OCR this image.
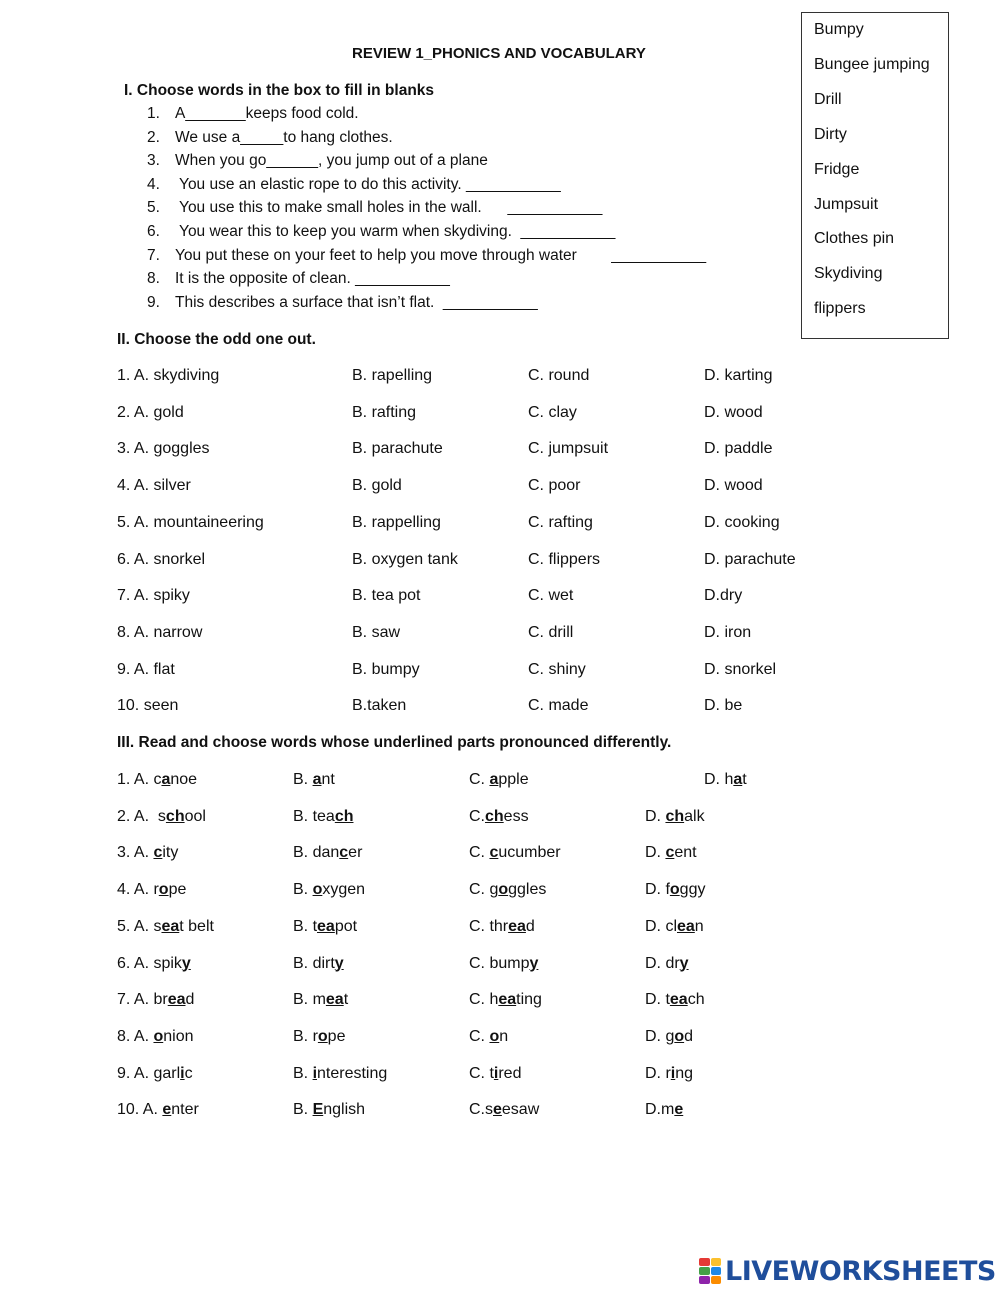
REVIEW 1_PHONICS AND VOCABULARY
Bumpy
Bungee jumping
Drill
Dirty
Fridge
Jumpsuit
Clothes pin
Skydiving
flippers
I. Choose words in the box to fill in blanks
1. A_______keeps food cold.
2. We use a_____to hang clothes.
3. When you go______, you jump out of a plane
4. You use an elastic rope to do this activity. ___________
5. You use this to make small holes in the wall.      ___________
6. You wear this to keep you warm when skydiving.  ___________
7. You put these on your feet to help you move through water        ___________
8. It is the opposite of clean. ___________
9. This describes a surface that isn’t flat.  ___________
II. Choose the odd one out.
1. A. skydiving	B. rapelling	C. round	D. karting
2. A. gold	B. rafting	C. clay	D. wood
3. A. goggles	B. parachute	C. jumpsuit	D. paddle
4. A. silver	B. gold	C. poor	D. wood
5. A. mountaineering	B. rappelling	C. rafting	D. cooking
6. A. snorkel	B. oxygen tank	C. flippers	D. parachute
7. A. spiky	B. tea pot	C. wet	D.dry
8. A. narrow	B. saw	C. drill	D. iron
9. A. flat	B. bumpy	C. shiny	D. snorkel
10. seen	B.taken	C. made	D. be
III. Read and choose words whose underlined parts pronounced differently.
1. A. canoe	B. ant	C. apple	D. hat
2. A.  school	B. teach	C.chess	D. chalk
3. A. city	B. dancer	C. cucumber	D. cent
4. A. rope	B. oxygen	C. goggles	D. foggy
5. A. seat belt	B. teapot	C. thread	D. clean
6. A. spiky	B. dirty	C. bumpy	D. dry
7. A. bread	B. meat	C. heating	D. teach
8. A. onion	B. rope	C. on	D. god
9. A. garlic	B. interesting	C. tired	D. ring
10. A. enter	B. English	C.seesaw	D.me
LIVEWORKSHEETS
